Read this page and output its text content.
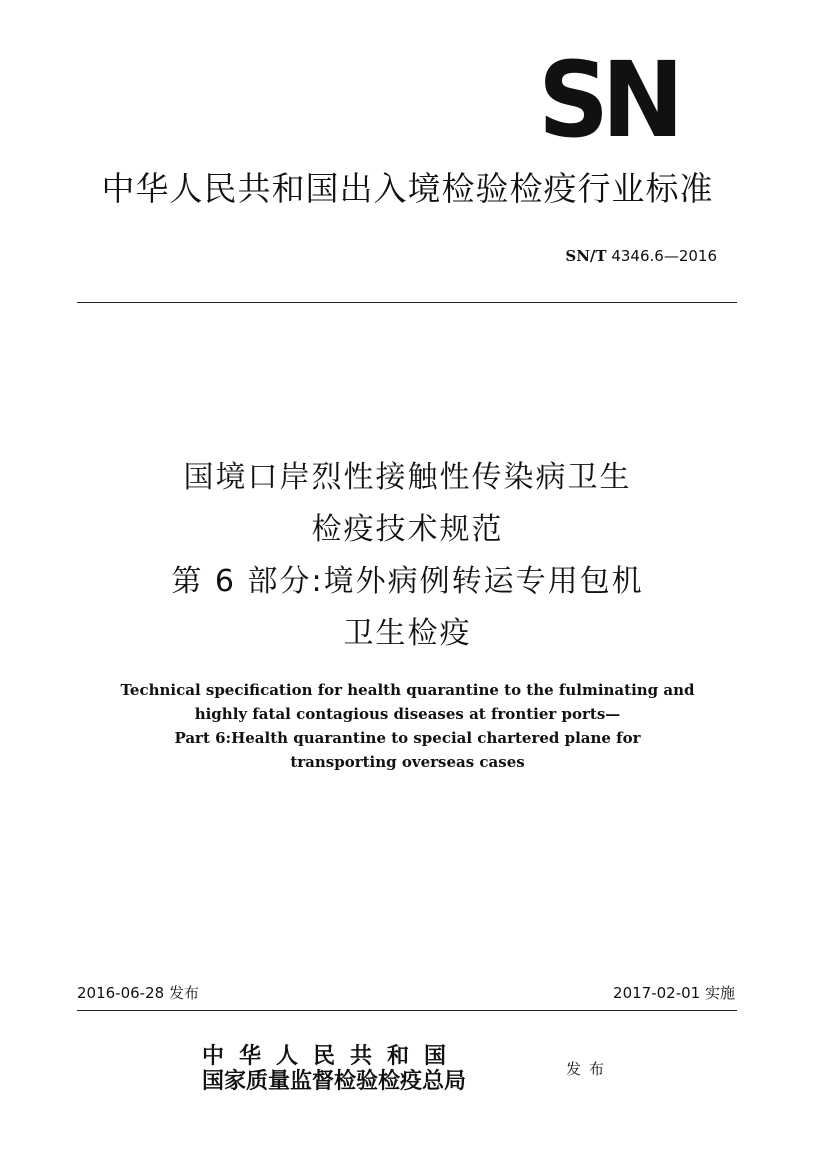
SN
中华人民共和国出入境检验检疫行业标准
SN/T 4346.6—2016
国境口岸烈性接触性传染病卫生
检疫技术规范
第 6 部分:境外病例转运专用包机
卫生检疫
Technical specification for health quarantine to the fulminating and
highly fatal contagious diseases at frontier ports—
Part 6:Health quarantine to special chartered plane for
transporting overseas cases
2016-06-28 发布	2017-02-01 实施
中华人民共和国
国家质量监督检验检疫总局	发布
